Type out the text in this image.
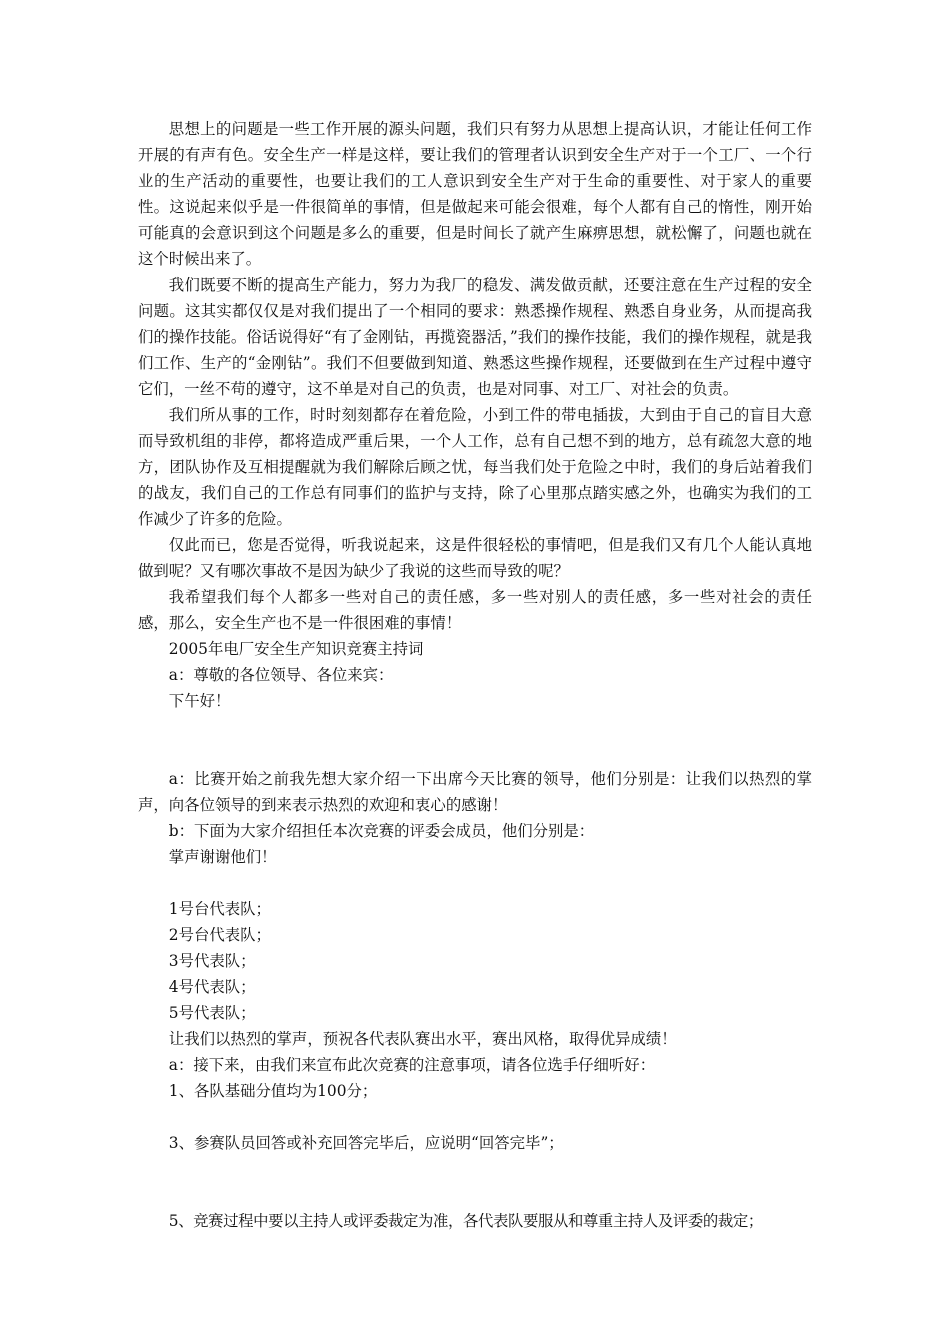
思想上的问题是一些工作开展的源头问题，我们只有努力从思想上提高认识，才能让任何工作开展的有声有色。安全生产一样是这样，要让我们的管理者认识到安全生产对于一个工厂、一个行业的生产活动的重要性，也要让我们的工人意识到安全生产对于生命的重要性、对于家人的重要性。这说起来似乎是一件很简单的事情，但是做起来可能会很难，每个人都有自己的惰性，刚开始可能真的会意识到这个问题是多么的重要，但是时间长了就产生麻痹思想，就松懈了，问题也就在这个时候出来了。

我们既要不断的提高生产能力，努力为我厂的稳发、满发做贡献，还要注意在生产过程的安全问题。这其实都仅仅是对我们提出了一个相同的要求：熟悉操作规程、熟悉自身业务，从而提高我们的操作技能。俗话说得好“有了金刚钻，再揽瓷器活，”我们的操作技能，我们的操作规程，就是我们工作、生产的“金刚钻”。我们不但要做到知道、熟悉这些操作规程，还要做到在生产过程中遵守它们，一丝不苟的遵守，这不单是对自己的负责，也是对同事、对工厂、对社会的负责。

我们所从事的工作，时时刻刻都存在着危险，小到工件的带电插拔，大到由于自己的盲目大意而导致机组的非停，都将造成严重后果，一个人工作，总有自己想不到的地方，总有疏忽大意的地方，团队协作及互相提醒就为我们解除后顾之忧，每当我们处于危险之中时，我们的身后站着我们的战友，我们自己的工作总有同事们的监护与支持，除了心里那点踏实感之外，也确实为我们的工作减少了许多的危险。

仅此而已，您是否觉得，听我说起来，这是件很轻松的事情吧，但是我们又有几个人能认真地做到呢？又有哪次事故不是因为缺少了我说的这些而导致的呢？

我希望我们每个人都多一些对自己的责任感，多一些对别人的责任感，多一些对社会的责任感，那么，安全生产也不是一件很困难的事情！

2005年电厂安全生产知识竞赛主持词

a：尊敬的各位领导、各位来宾：

下午好！

a：比赛开始之前我先想大家介绍一下出席今天比赛的领导，他们分别是：让我们以热烈的掌声，向各位领导的到来表示热烈的欢迎和衷心的感谢！

b：下面为大家介绍担任本次竞赛的评委会成员，他们分别是：

掌声谢谢他们！

1号台代表队；

2号台代表队；

3号代表队；

4号代表队；

5号代表队；

让我们以热烈的掌声，预祝各代表队赛出水平，赛出风格，取得优异成绩！

a：接下来，由我们来宣布此次竞赛的注意事项，请各位选手仔细听好：

1、各队基础分值均为100分；

3、参赛队员回答或补充回答完毕后，应说明“回答完毕”；

5、竞赛过程中要以主持人或评委裁定为准，各代表队要服从和尊重主持人及评委的裁定；
